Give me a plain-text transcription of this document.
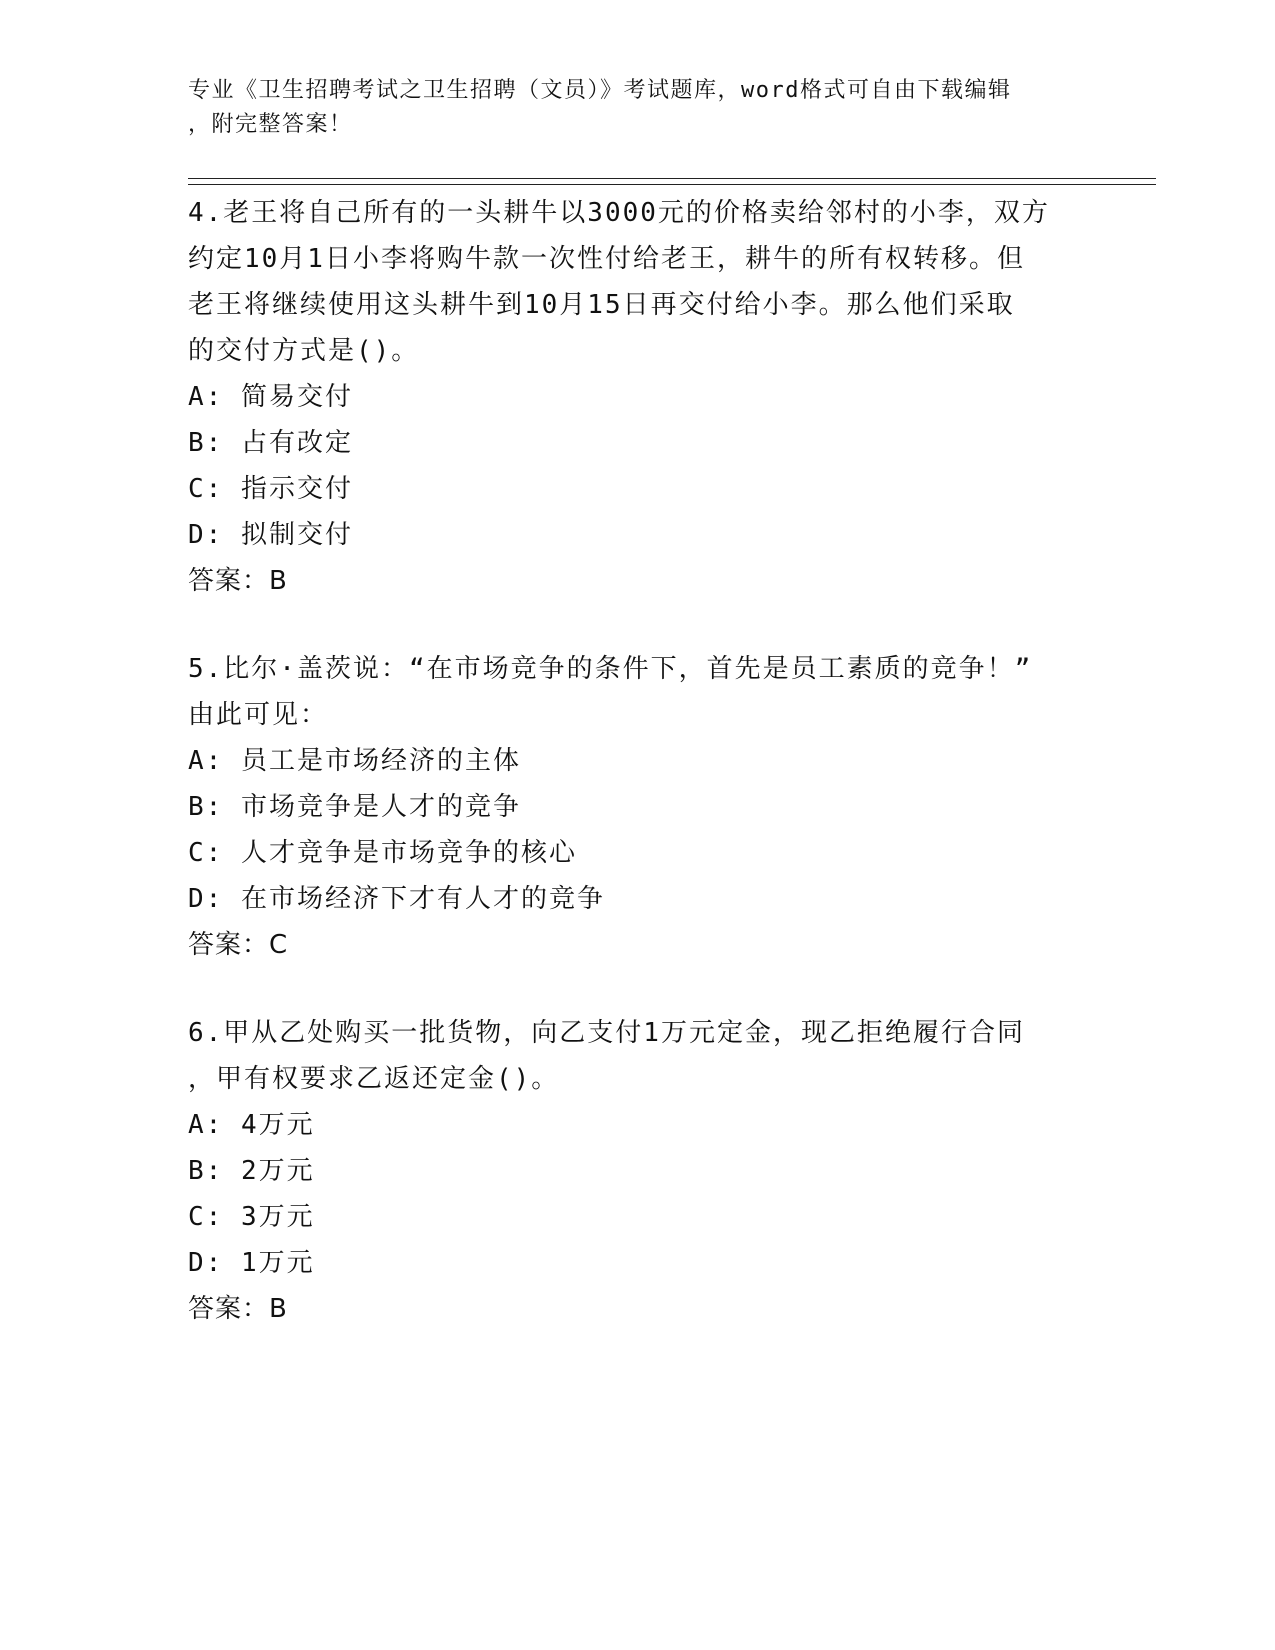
专业《卫生招聘考试之卫生招聘（文员）》考试题库，word格式可自由下载编辑
，附完整答案！
4.老王将自己所有的一头耕牛以3000元的价格卖给邻村的小李，双方
约定10月1日小李将购牛款一次性付给老王，耕牛的所有权转移。但
老王将继续使用这头耕牛到10月15日再交付给小李。那么他们采取
的交付方式是()。
A: 简易交付
B: 占有改定
C: 指示交付
D: 拟制交付
答案：B
5.比尔·盖茨说：“在市场竞争的条件下，首先是员工素质的竞争！”
由此可见：
A: 员工是市场经济的主体
B: 市场竞争是人才的竞争
C: 人才竞争是市场竞争的核心
D: 在市场经济下才有人才的竞争
答案：C
6.甲从乙处购买一批货物，向乙支付1万元定金，现乙拒绝履行合同
，甲有权要求乙返还定金()。
A: 4万元
B: 2万元
C: 3万元
D: 1万元
答案：B
